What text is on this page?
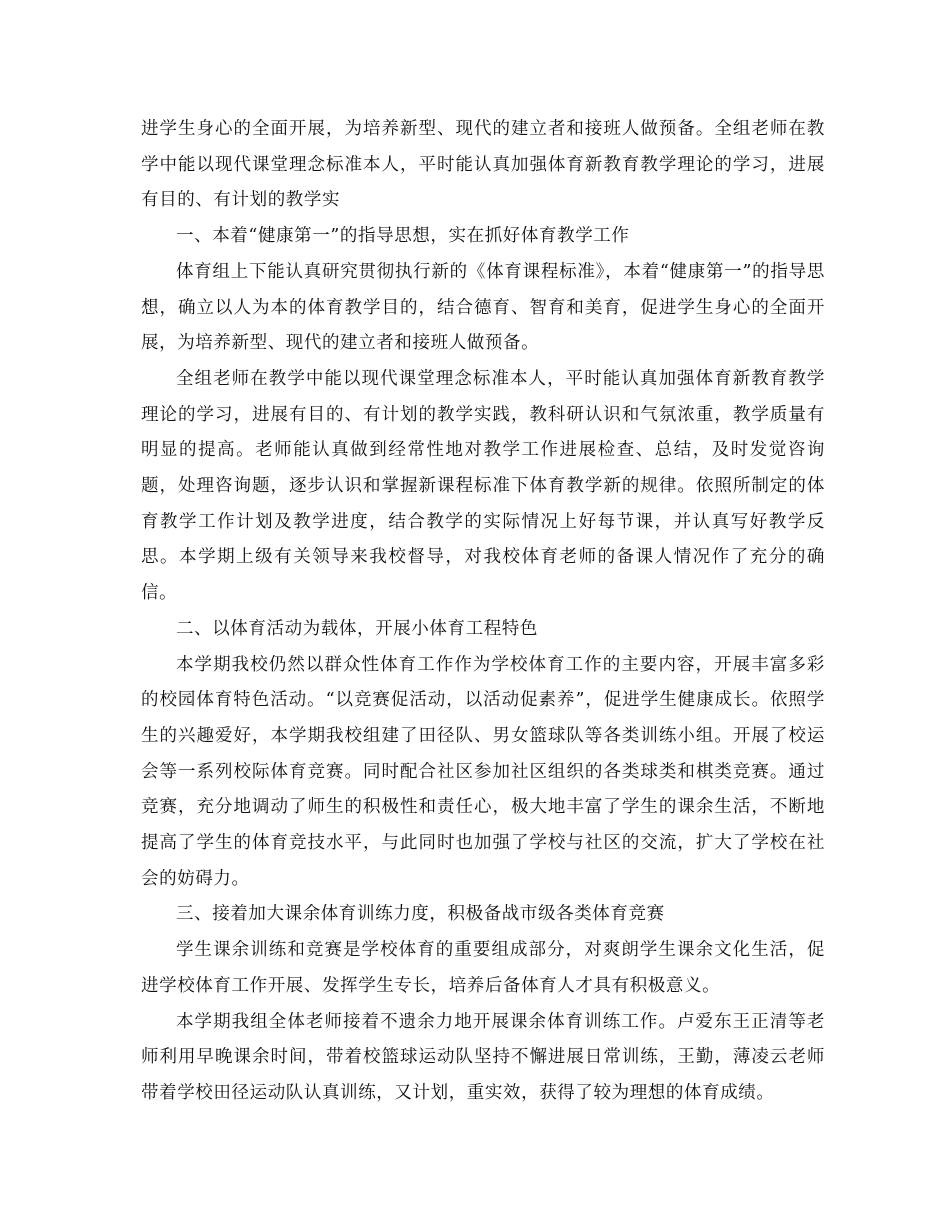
进学生身心的全面开展，为培养新型、现代的建立者和接班人做预备。全组老师在教学中能以现代课堂理念标准本人，平时能认真加强体育新教育教学理论的学习，进展有目的、有计划的教学实

一、本着“健康第一”的指导思想，实在抓好体育教学工作

体育组上下能认真研究贯彻执行新的《体育课程标准》，本着“健康第一”的指导思想，确立以人为本的体育教学目的，结合德育、智育和美育，促进学生身心的全面开展，为培养新型、现代的建立者和接班人做预备。

全组老师在教学中能以现代课堂理念标准本人，平时能认真加强体育新教育教学理论的学习，进展有目的、有计划的教学实践，教科研认识和气氛浓重，教学质量有明显的提高。老师能认真做到经常性地对教学工作进展检查、总结，及时发觉咨询题，处理咨询题，逐步认识和掌握新课程标准下体育教学新的规律。依照所制定的体育教学工作计划及教学进度，结合教学的实际情况上好每节课，并认真写好教学反思。本学期上级有关领导来我校督导，对我校体育老师的备课人情况作了充分的确信。

二、以体育活动为载体，开展小体育工程特色

本学期我校仍然以群众性体育工作作为学校体育工作的主要内容，开展丰富多彩的校园体育特色活动。“以竞赛促活动，以活动促素养”，促进学生健康成长。依照学生的兴趣爱好，本学期我校组建了田径队、男女篮球队等各类训练小组。开展了校运会等一系列校际体育竞赛。同时配合社区参加社区组织的各类球类和棋类竞赛。通过竞赛，充分地调动了师生的积极性和责任心，极大地丰富了学生的课余生活，不断地提高了学生的体育竞技水平，与此同时也加强了学校与社区的交流，扩大了学校在社会的妨碍力。

三、接着加大课余体育训练力度，积极备战市级各类体育竞赛

学生课余训练和竞赛是学校体育的重要组成部分，对爽朗学生课余文化生活，促进学校体育工作开展、发挥学生专长，培养后备体育人才具有积极意义。

本学期我组全体老师接着不遗余力地开展课余体育训练工作。卢爱东王正清等老师利用早晚课余时间，带着校篮球运动队坚持不懈进展日常训练，王勤，薄凌云老师带着学校田径运动队认真训练，又计划，重实效，获得了较为理想的体育成绩。
